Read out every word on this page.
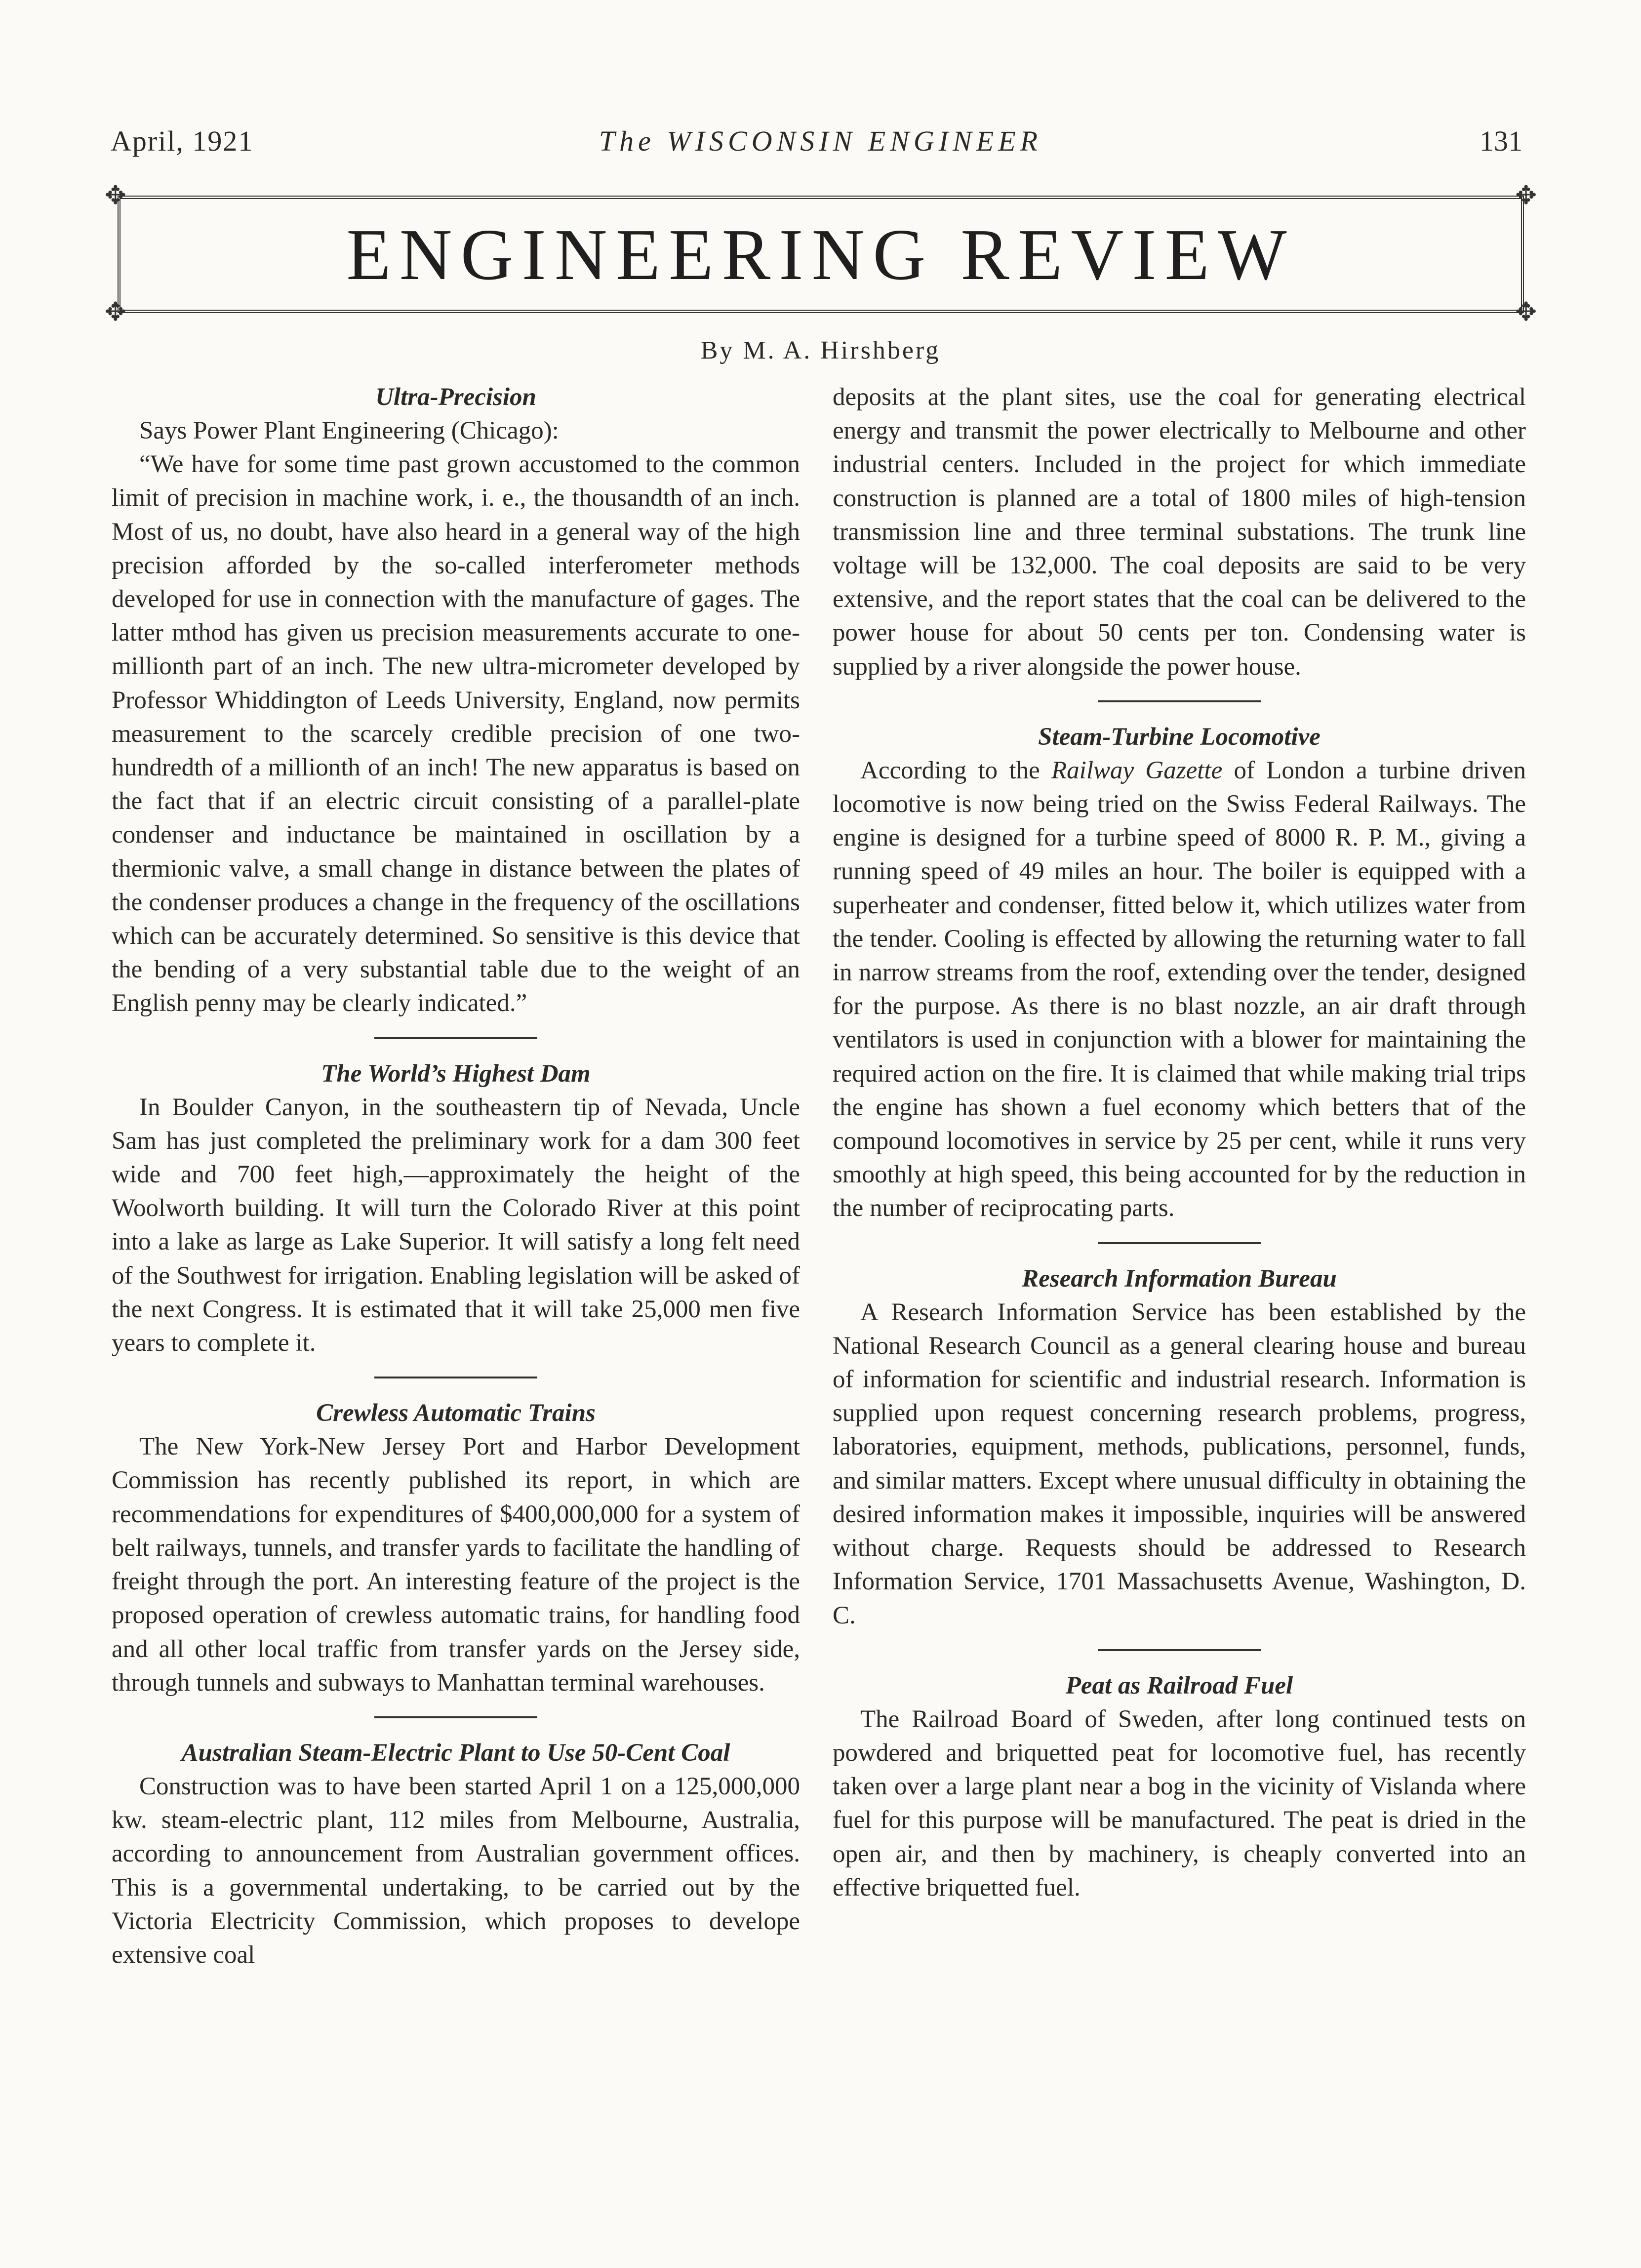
April, 1921	The WISCONSIN ENGINEER	131
✥	✥
✥	✥
ENGINEERING REVIEW
By M. A. Hirshberg
Ultra-Precision

Says Power Plant Engineering (Chicago):

“We have for some time past grown accustomed to the common limit of precision in machine work, i. e., the thousandth of an inch. Most of us, no doubt, have also heard in a general way of the high precision afforded by the so-called interferometer methods developed for use in connection with the manufacture of gages. The latter mthod has given us precision measurements accurate to one-millionth part of an inch. The new ultra-micrometer developed by Professor Whiddington of Leeds University, England, now permits measurement to the scarcely credible precision of one two-hundredth of a millionth of an inch! The new apparatus is based on the fact that if an electric circuit consisting of a parallel-plate condenser and inductance be maintained in oscillation by a thermionic valve, a small change in distance between the plates of the condenser produces a change in the frequency of the oscillations which can be accurately determined. So sensitive is this device that the bending of a very substantial table due to the weight of an English penny may be clearly indicated.”

The World’s Highest Dam

In Boulder Canyon, in the southeastern tip of Nevada, Uncle Sam has just completed the preliminary work for a dam 300 feet wide and 700 feet high,—approximately the height of the Woolworth building. It will turn the Colorado River at this point into a lake as large as Lake Superior. It will satisfy a long felt need of the Southwest for irrigation. Enabling legislation will be asked of the next Congress. It is estimated that it will take 25,000 men five years to complete it.

Crewless Automatic Trains

The New York-New Jersey Port and Harbor Development Commission has recently published its report, in which are recommendations for expenditures of $400,000,000 for a system of belt railways, tunnels, and transfer yards to facilitate the handling of freight through the port. An interesting feature of the project is the proposed operation of crewless automatic trains, for handling food and all other local traffic from transfer yards on the Jersey side, through tunnels and subways to Manhattan terminal warehouses.

Australian Steam-Electric Plant to Use 50-Cent Coal

Construction was to have been started April 1 on a 125,000,000 kw. steam-electric plant, 112 miles from Melbourne, Australia, according to announcement from Australian government offices. This is a governmental undertaking, to be carried out by the Victoria Electricity Commission, which proposes to develope extensive coal

deposits at the plant sites, use the coal for generating electrical energy and transmit the power electrically to Melbourne and other industrial centers. Included in the project for which immediate construction is planned are a total of 1800 miles of high-tension transmission line and three terminal substations. The trunk line voltage will be 132,000. The coal deposits are said to be very extensive, and the report states that the coal can be delivered to the power house for about 50 cents per ton. Condensing water is supplied by a river alongside the power house.

Steam-Turbine Locomotive

According to the Railway Gazette of London a turbine driven locomotive is now being tried on the Swiss Federal Railways. The engine is designed for a turbine speed of 8000 R. P. M., giving a running speed of 49 miles an hour. The boiler is equipped with a superheater and condenser, fitted below it, which utilizes water from the tender. Cooling is effected by allowing the returning water to fall in narrow streams from the roof, extending over the tender, designed for the purpose. As there is no blast nozzle, an air draft through ventilators is used in conjunction with a blower for maintaining the required action on the fire. It is claimed that while making trial trips the engine has shown a fuel economy which betters that of the compound locomotives in service by 25 per cent, while it runs very smoothly at high speed, this being accounted for by the reduction in the number of reciprocating parts.

Research Information Bureau

A Research Information Service has been established by the National Research Council as a general clearing house and bureau of information for scientific and industrial research. Information is supplied upon request concerning research problems, progress, laboratories, equipment, methods, publications, personnel, funds, and similar matters. Except where unusual difficulty in obtaining the desired information makes it impossible, inquiries will be answered without charge. Requests should be addressed to Research Information Service, 1701 Massachusetts Avenue, Washington, D. C.

Peat as Railroad Fuel

The Railroad Board of Sweden, after long continued tests on powdered and briquetted peat for locomotive fuel, has recently taken over a large plant near a bog in the vicinity of Vislanda where fuel for this purpose will be manufactured. The peat is dried in the open air, and then by machinery, is cheaply converted into an effective briquetted fuel.
